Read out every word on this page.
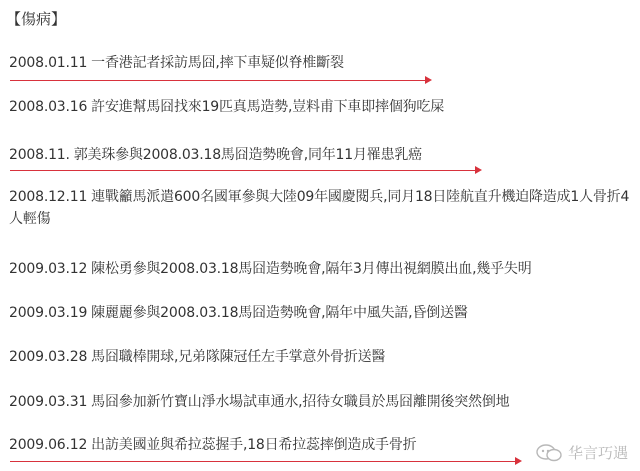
【傷病】
2008.01.11 一香港記者採訪馬囧,摔下車疑似脊椎斷裂
2008.03.16 許安進幫馬囧找來19匹真馬造勢,豈料甫下車即摔個狗吃屎
2008.11. 郭美珠參與2008.03.18馬囧造勢晚會,同年11月罹患乳癌
2008.12.11 連戰籲馬派遣600名國軍參與大陸09年國慶閱兵,同月18日陸航直升機迫降造成1人骨折4人輕傷
2009.03.12 陳松勇參與2008.03.18馬囧造勢晚會,隔年3月傳出視網膜出血,幾乎失明
2009.03.19 陳麗麗參與2008.03.18馬囧造勢晚會,隔年中風失語,昏倒送醫
2009.03.28 馬囧職棒開球,兄弟隊陳冠任左手掌意外骨折送醫
2009.03.31 馬囧參加新竹寶山淨水場試車通水,招待女職員於馬囧離開後突然倒地
2009.06.12 出訪美國並與希拉蕊握手,18日希拉蕊摔倒造成手骨折	华言巧遇
